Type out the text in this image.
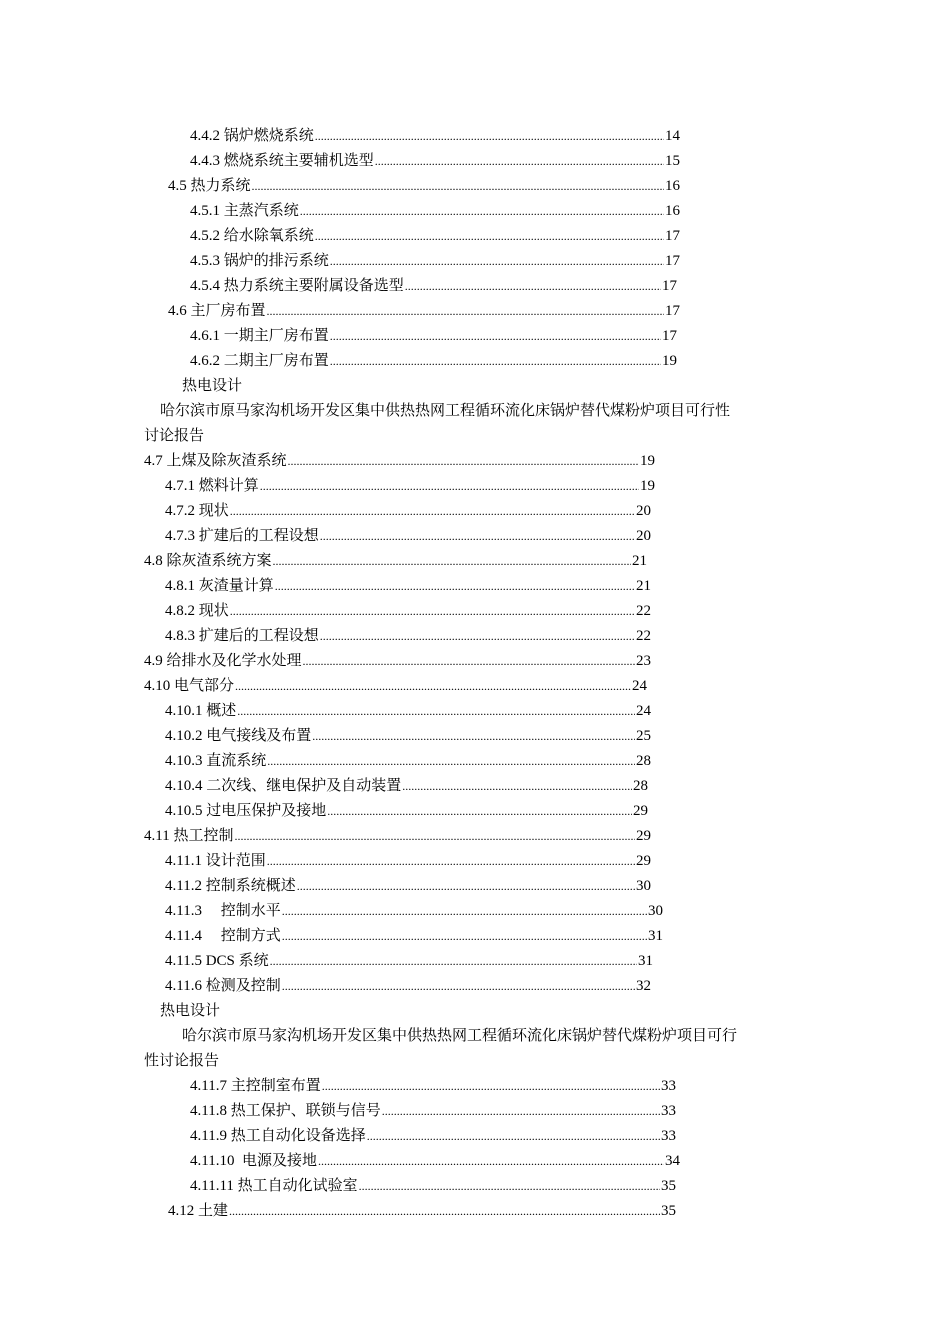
4.4.2 锅炉燃烧系统 .....	14
4.4.3 燃烧系统主要辅机选型 .....	15
4.5 热力系统 .....	16
4.5.1 主蒸汽系统 .....	16
4.5.2 给水除氧系统 .....	17
4.5.3 锅炉的排污系统 .....	17
4.5.4 热力系统主要附属设备选型 .....	17
4.6 主厂房布置 .....	17
4.6.1 一期主厂房布置 .....	17
4.6.2 二期主厂房布置 .....	19
热电设计
哈尔滨市原马家沟机场开发区集中供热热网工程循环流化床锅炉替代煤粉炉项目可行性
讨论报告
4.7 上煤及除灰渣系统 .....	19
4.7.1 燃料计算 .....	19
4.7.2 现状 .....	20
4.7.3 扩建后的工程设想 .....	20
4.8 除灰渣系统方案 .....	21
4.8.1 灰渣量计算 .....	21
4.8.2 现状 .....	22
4.8.3 扩建后的工程设想 .....	22
4.9 给排水及化学水处理 .....	23
4.10 电气部分 .....	24
4.10.1 概述 .....	24
4.10.2 电气接线及布置 .....	25
4.10.3 直流系统 .....	28
4.10.4 二次线、继电保护及自动装置 .....	28
4.10.5 过电压保护及接地 .....	29
4.11 热工控制 .....	29
4.11.1 设计范围 .....	29
4.11.2 控制系统概述 .....	30
4.11.3     控制水平 .....	30
4.11.4     控制方式 .....	31
4.11.5 DCS 系统 .....	31
4.11.6 检测及控制 .....	32
热电设计
哈尔滨市原马家沟机场开发区集中供热热网工程循环流化床锅炉替代煤粉炉项目可行
性讨论报告
4.11.7 主控制室布置 .....	33
4.11.8 热工保护、联锁与信号 .....	33
4.11.9 热工自动化设备选择 .....	33
4.11.10  电源及接地 .....	34
4.11.11 热工自动化试验室 .....	35
4.12 土建 .....	35
